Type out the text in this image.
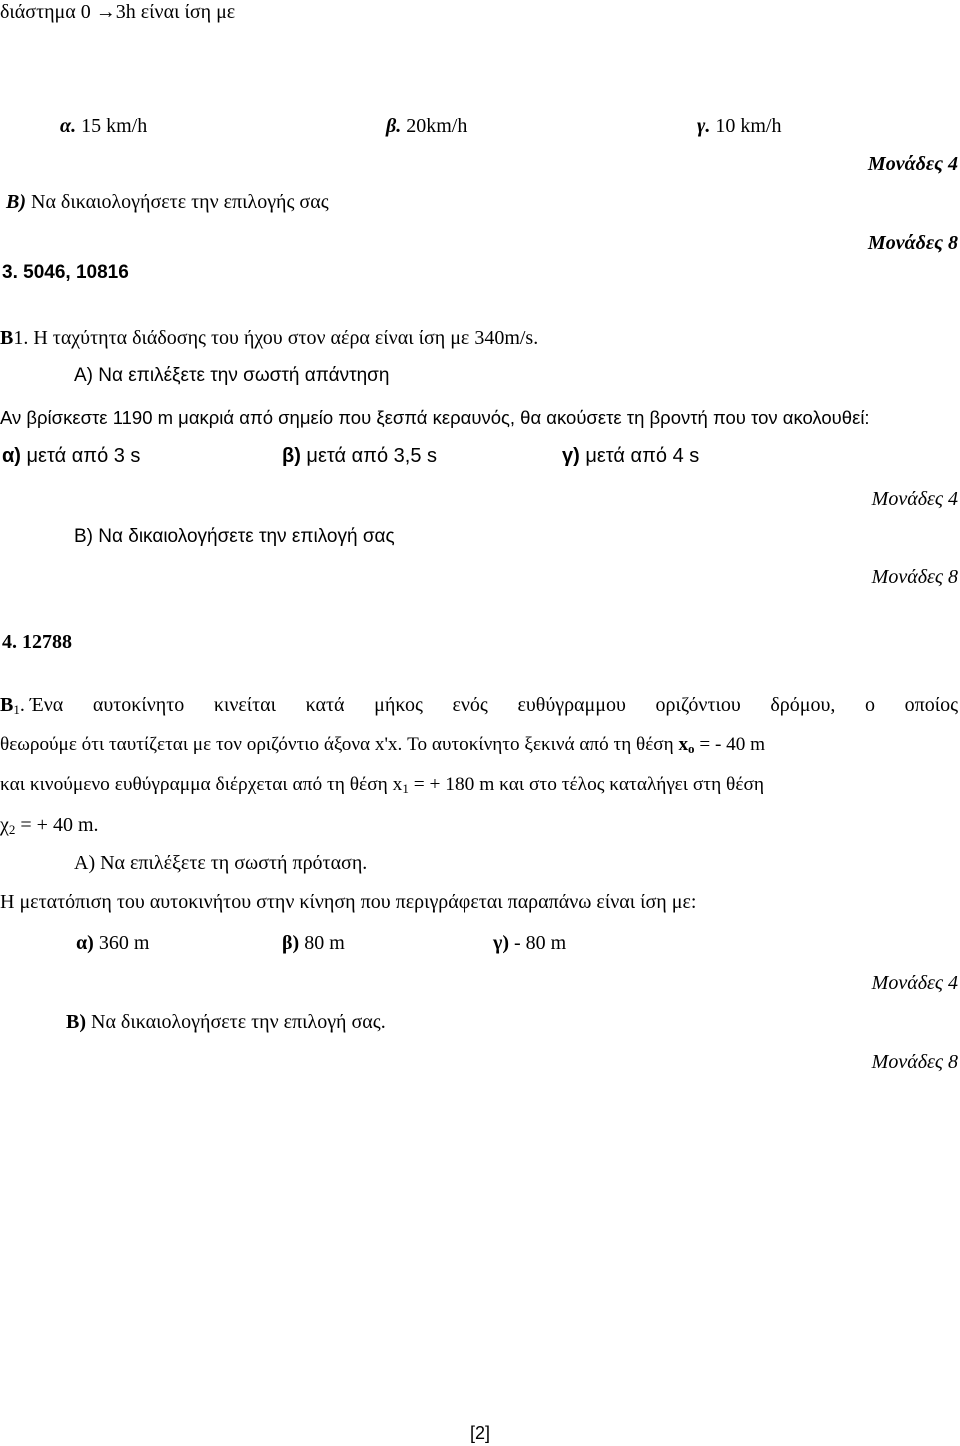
διάστημα 0 →3h είναι ίση με
α. 15 km/h	β. 20km/h	γ. 10 km/h
Μονάδες 4
Β) Να δικαιολογήσετε την επιλογής σας
Μονάδες 8
3. 5046, 10816
Β1. Η ταχύτητα διάδοσης του ήχου στον αέρα είναι ίση με 340m/s.
Α) Να επιλέξετε την σωστή απάντηση
Αν βρίσκεστε 1190 m μακριά από σημείο που ξεσπά κεραυνός, θα ακούσετε τη βροντή που τον ακολουθεί:
α) μετά από 3 s	β) μετά από 3,5 s	γ) μετά από 4 s
Μονάδες 4
Β) Να δικαιολογήσετε την επιλογή σας
Μονάδες 8
4. 12788
$B_1$. Ένα αυτοκίνητο κινείται κατά μήκος ενός ευθύγραμμου οριζόντιου δρόμου, ο οποίος
θεωρούμε ότι ταυτίζεται με τον οριζόντιο άξονα x'x. Το αυτοκίνητο ξεκινά από τη θέση $x_o$ = - 40 m
και κινούμενο ευθύγραμμα διέρχεται από τη θέση $x_1$ = + 180 m και στο τέλος καταλήγει στη θέση
$\chi_2$ = + 40 m.
Α) Να επιλέξετε τη σωστή πρόταση.
Η μετατόπιση του αυτοκινήτου στην κίνηση που περιγράφεται παραπάνω είναι ίση με:
α) 360 m	β) 80 m	γ) - 80 m
Μονάδες 4
Β) Να δικαιολογήσετε την επιλογή σας.
Μονάδες 8
[2]
